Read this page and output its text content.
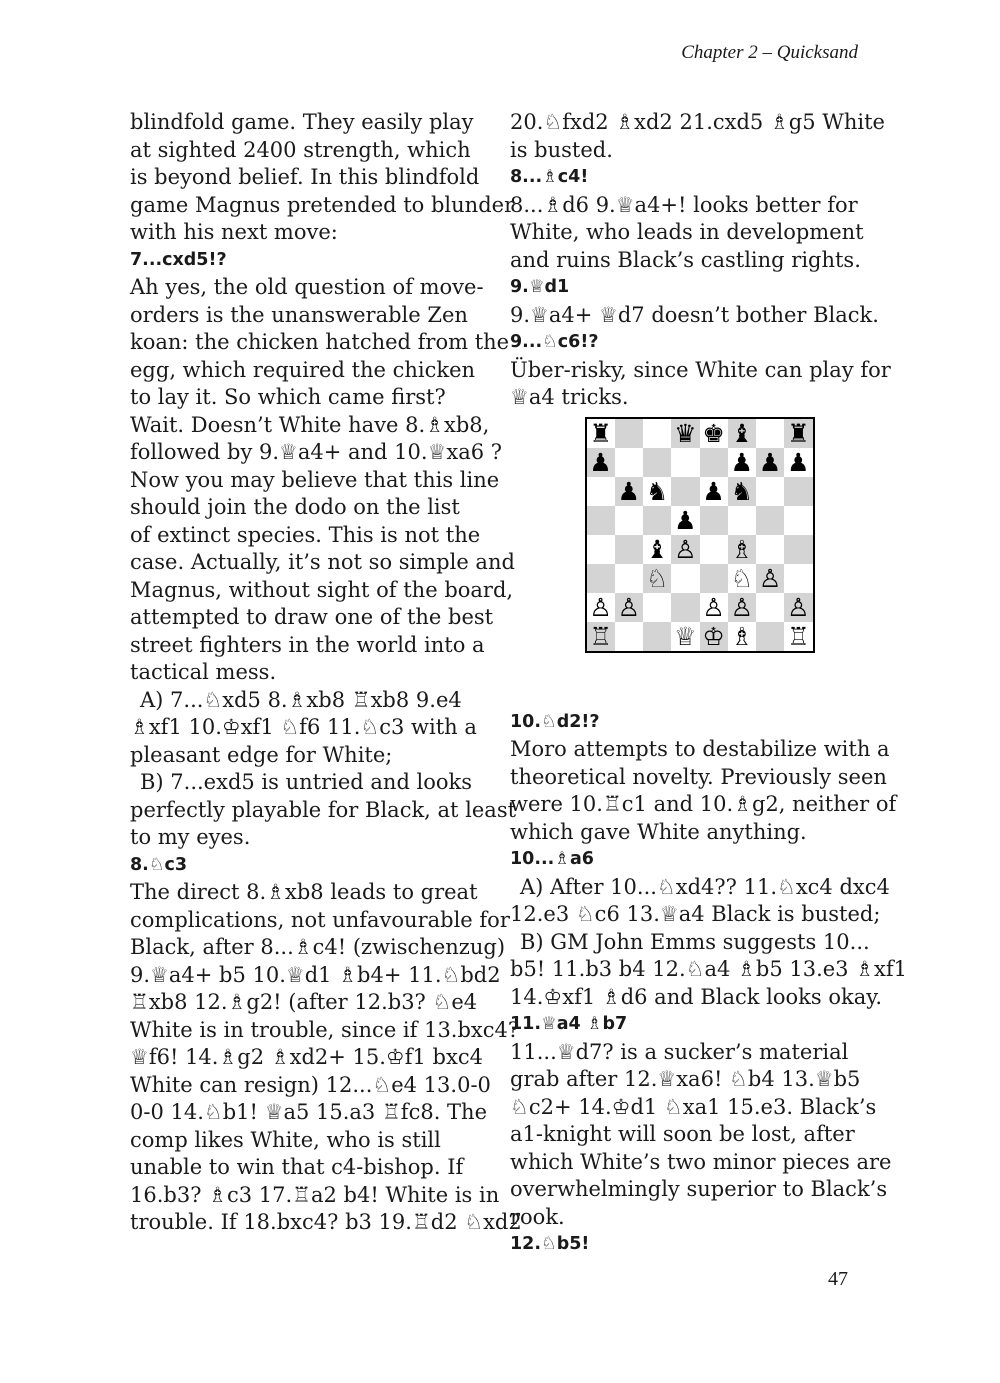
Chapter 2 – Quicksand

blindfold game. They easily play

at sighted 2400 strength, which

is beyond belief. In this blindfold

game Magnus pretended to blunder

with his next move:

7...cxd5!?

Ah yes, the old question of move-

orders is the unanswerable Zen

koan: the chicken hatched from the

egg, which required the chicken

to lay it. So which came first?

Wait. Doesn’t White have 8.♗xb8,

followed by 9.♕a4+ and 10.♕xa6 ?

Now you may believe that this line

should join the dodo on the list

of extinct species. This is not the

case. Actually, it’s not so simple and

Magnus, without sight of the board,

attempted to draw one of the best

street fighters in the world into a

tactical mess.

A) 7...♘xd5 8.♗xb8 ♖xb8 9.e4

♗xf1 10.♔xf1 ♘f6 11.♘c3 with a

pleasant edge for White;

B) 7...exd5 is untried and looks

perfectly playable for Black, at least

to my eyes.

8.♘c3

The direct 8.♗xb8 leads to great

complications, not unfavourable for

Black, after 8...♗c4! (zwischenzug)

9.♕a4+ b5 10.♕d1 ♗b4+ 11.♘bd2

♖xb8 12.♗g2! (after 12.b3? ♘e4

White is in trouble, since if 13.bxc4?

♕f6! 14.♗g2 ♗xd2+ 15.♔f1 bxc4

White can resign) 12...♘e4 13.0-0

0-0 14.♘b1! ♕a5 15.a3 ♖fc8. The

comp likes White, who is still

unable to win that c4-bishop. If

16.b3? ♗c3 17.♖a2 b4! White is in

trouble. If 18.bxc4? b3 19.♖d2 ♘xd2

20.♘fxd2 ♗xd2 21.cxd5 ♗g5 White

is busted.

8...♗c4!

8...♗d6 9.♕a4+! looks better for

White, who leads in development

and ruins Black’s castling rights.

9.♕d1

9.♕a4+ ♕d7 doesn’t bother Black.

9...♘c6!?

Über-risky, since White can play for

♕a4 tricks.

♜ ♛ ♚ ♝ ♜
♟	♟ ♟ ♟
♟ ♞ ♟ ♞
♟
♝ ♙ ♗
♘ ♘ ♙
♙ ♙ ♙ ♙ ♙
♖ ♕ ♔ ♗ ♖

10.♘d2!?

Moro attempts to destabilize with a

theoretical novelty. Previously seen

were 10.♖c1 and 10.♗g2, neither of

which gave White anything.

10...♗a6

A) After 10...♘xd4?? 11.♘xc4 dxc4

12.e3 ♘c6 13.♕a4 Black is busted;

B) GM John Emms suggests 10...

b5! 11.b3 b4 12.♘a4 ♗b5 13.e3 ♗xf1

14.♔xf1 ♗d6 and Black looks okay.

11.♕a4 ♗b7

11...♕d7? is a sucker’s material

grab after 12.♕xa6! ♘b4 13.♕b5

♘c2+ 14.♔d1 ♘xa1 15.e3. Black’s

a1-knight will soon be lost, after

which White’s two minor pieces are

overwhelmingly superior to Black’s

rook.

12.♘b5!

47
